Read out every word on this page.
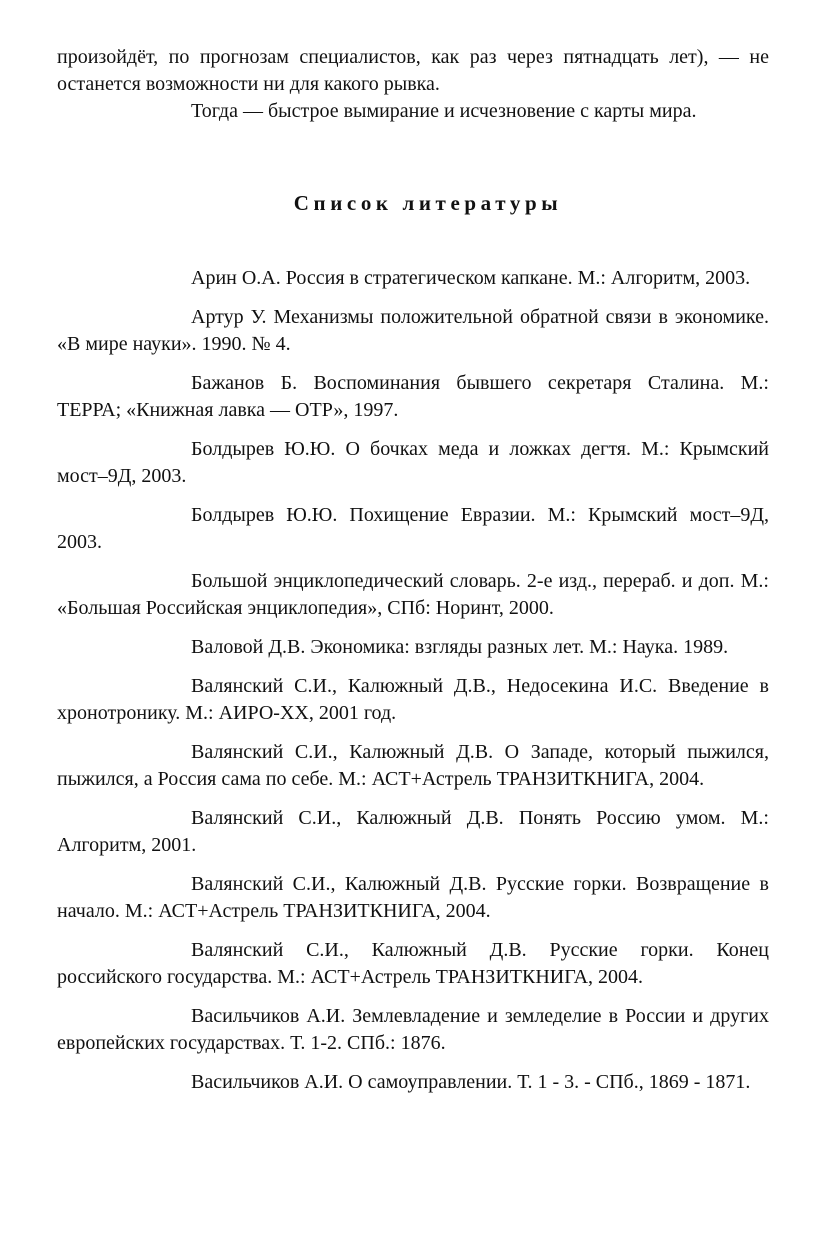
произойдёт, по прогнозам специалистов, как раз через пятнадцать лет), — не останется возможности ни для какого рывка.

Тогда — быстрое вымирание и исчезновение с карты мира.

Список литературы

Арин О.А. Россия в стратегическом капкане. М.: Алгоритм, 2003.

Артур У. Механизмы положительной обратной связи в экономике. «В мире науки». 1990. № 4.

Бажанов Б. Воспоминания бывшего секретаря Сталина. М.: ТЕРРА; «Книжная лавка — ОТР», 1997.

Болдырев Ю.Ю. О бочках меда и ложках дегтя. М.: Крымский мост–9Д, 2003.

Болдырев Ю.Ю. Похищение Евразии. М.: Крымский мост–9Д, 2003.

Большой энциклопедический словарь. 2-е изд., перераб. и доп. М.: «Большая Российская энциклопедия», СПб: Норинт, 2000.

Валовой Д.В. Экономика: взгляды разных лет. М.: Наука. 1989.

Валянский С.И., Калюжный Д.В., Недосекина И.С. Введение в хронотронику. М.: АИРО-XX, 2001 год.

Валянский С.И., Калюжный Д.В. О Западе, который пыжился, пыжился, а Россия сама по себе. М.: АСТ+Астрель ТРАНЗИТКНИГА, 2004.

Валянский С.И., Калюжный Д.В. Понять Россию умом. М.: Алгоритм, 2001.

Валянский С.И., Калюжный Д.В. Русские горки. Возвращение в начало. М.: АСТ+Астрель ТРАНЗИТКНИГА, 2004.

Валянский С.И., Калюжный Д.В. Русские горки. Конец российского государства. М.: АСТ+Астрель ТРАНЗИТКНИГА, 2004.

Васильчиков А.И. Землевладение и земледелие в России и других европейских государствах. Т. 1-2. СПб.: 1876.

Васильчиков А.И. О самоуправлении. Т. 1 - 3. - СПб., 1869 - 1871.
